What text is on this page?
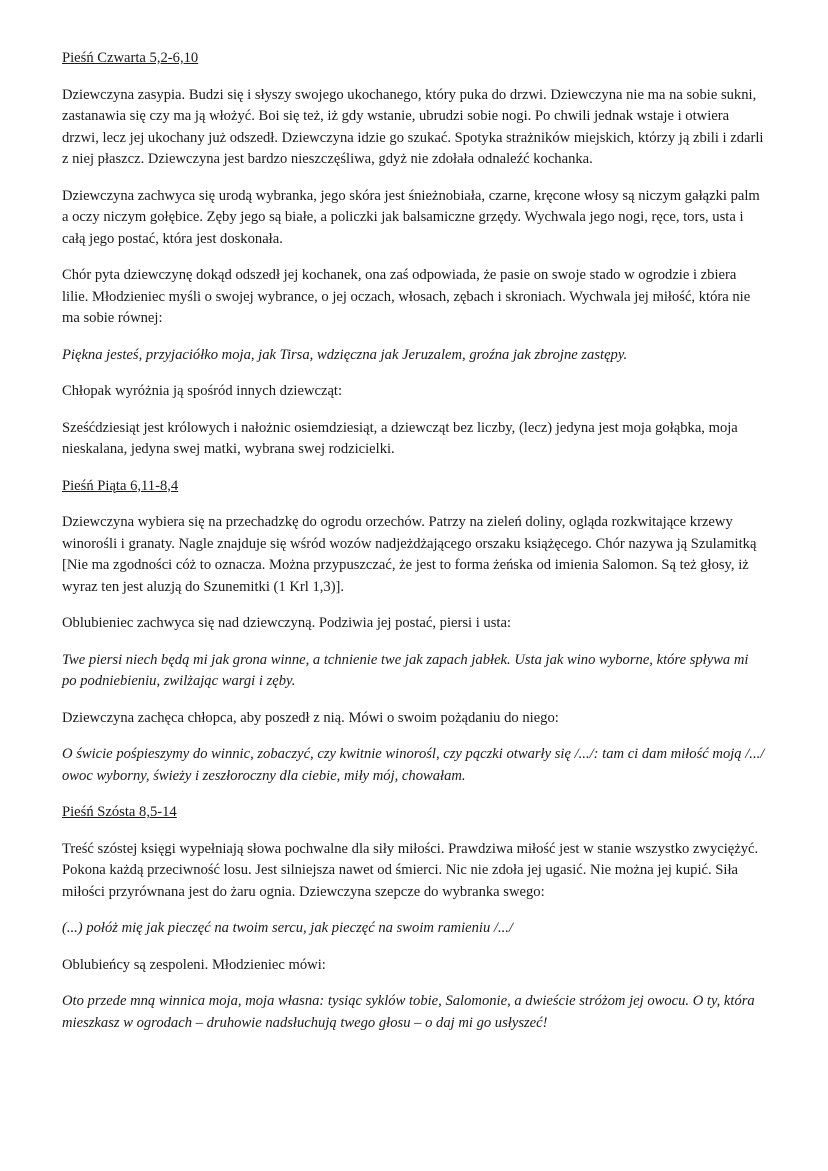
Pieśń Czwarta 5,2-6,10
Dziewczyna zasypia. Budzi się i słyszy swojego ukochanego, który puka do drzwi. Dziewczyna nie ma na sobie sukni, zastanawia się czy ma ją włożyć. Boi się też, iż gdy wstanie, ubrudzi sobie nogi. Po chwili jednak wstaje i otwiera drzwi, lecz jej ukochany już odszedł. Dziewczyna idzie go szukać. Spotyka strażników miejskich, ktόrzy ją zbili i zdarli z niej płaszcz. Dziewczyna jest bardzo nieszczęśliwa, gdyż nie zdołała odnaleźć kochanka.
Dziewczyna zachwyca się urodą wybranka, jego skóra jest śnieżnobiała, czarne, kręcone włosy są niczym gałązki palm a oczy niczym gołębice. Zęby jego są białe, a policzki jak balsamiczne grzędy. Wychwala jego nogi, ręce, tors, usta i całą jego postać, która jest doskonała.
Chór pyta dziewczynę dokąd odszedł jej kochanek, ona zaś odpowiada, że pasie on swoje stado w ogrodzie i zbiera lilie. Młodzieniec myśli o swojej wybrance, o jej oczach, włosach, zębach i skroniach. Wychwala jej miłość, która nie ma sobie równej:
Piękna jesteś, przyjaciółko moja, jak Tirsa, wdzięczna jak Jeruzalem, groźna jak zbrojne zastępy.
Chłopak wyróżnia ją spośród innych dziewcząt:
Sześćdziesiąt jest królowych i nałożnic osiemdziesiąt, a dziewcząt bez liczby, (lecz) jedyna jest moja gołąbka, moja nieskalana, jedyna swej matki, wybrana swej rodzicielki.
Pieśń Piąta 6,11-8,4
Dziewczyna wybiera się na przechadzkę do ogrodu orzechów. Patrzy na zieleń doliny, ogląda rozkwitające krzewy winorośli i granaty. Nagle znajduje się wśród wozów nadjeżdżającego orszaku książęcego. Chór nazywa ją Szulamitką [Nie ma zgodności cóż to oznacza. Można przypuszczać, że jest to forma żeńska od imienia Salomon. Są też głosy, iż wyraz ten jest aluzją do Szunemitki (1 Krl 1,3)].
Oblubieniec zachwyca się nad dziewczyną. Podziwia jej postać, piersi i usta:
Twe piersi niech będą mi jak grona winne, a tchnienie twe jak zapach jabłek. Usta jak wino wyborne, które spływa mi po podniebieniu, zwilżając wargi i zęby.
Dziewczyna zachęca chłopca, aby poszedł z nią. Mówi o swoim pożądaniu do niego:
O świcie pośpieszymy do winnic, zobaczyć, czy kwitnie winorośl, czy pączki otwarły się /.../: tam ci dam miłość moją /.../ owoc wyborny, świeży i zeszłoroczny dla ciebie, miły mój, chowałam.
Pieśń Szósta 8,5-14
Treść szóstej księgi wypełniają słowa pochwalne dla siły miłości. Prawdziwa miłość jest w stanie wszystko zwyciężyć. Pokona każdą przeciwność losu. Jest silniejsza nawet od śmierci. Nic nie zdoła jej ugasić. Nie można jej kupić. Siła miłości przyrównana jest do żaru ognia. Dziewczyna szepcze do wybranka swego:
(...) połóż mię jak pieczęć na twoim sercu, jak pieczęć na swoim ramieniu /.../
Oblubieńcy są zespoleni. Młodzieniec mówi:
Oto przede mną winnica moja, moja własna: tysiąc syklów tobie, Salomonie, a dwieście stróżom jej owocu. O ty, która mieszkasz w ogrodach – druhowie nadsłuchują twego głosu – o daj mi go usłyszeć!
